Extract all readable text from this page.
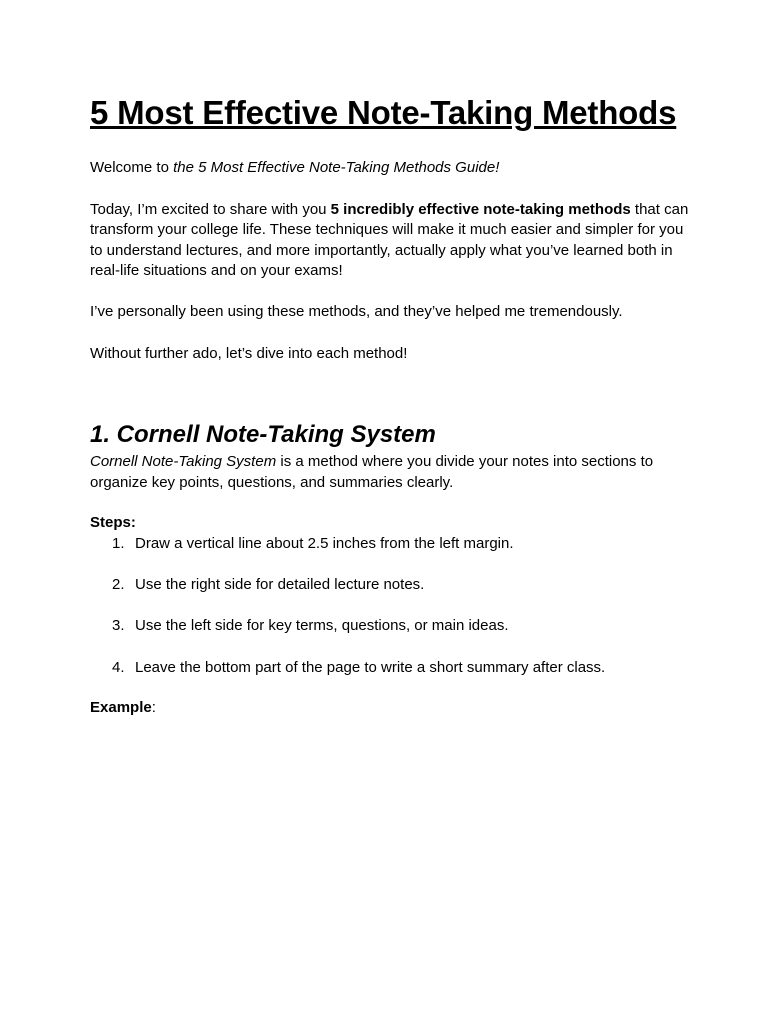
5 Most Effective Note-Taking Methods

Welcome to the 5 Most Effective Note-Taking Methods Guide!

Today, I’m excited to share with you 5 incredibly effective note-taking methods that can transform your college life. These techniques will make it much easier and simpler for you to understand lectures, and more importantly, actually apply what you’ve learned both in real-life situations and on your exams!

I’ve personally been using these methods, and they’ve helped me tremendously.

Without further ado, let’s dive into each method!

1. Cornell Note-Taking System

Cornell Note-Taking System is a method where you divide your notes into sections to organize key points, questions, and summaries clearly.

Steps:

1. Draw a vertical line about 2.5 inches from the left margin.
2. Use the right side for detailed lecture notes.
3. Use the left side for key terms, questions, or main ideas.
4. Leave the bottom part of the page to write a short summary after class.

Example:
